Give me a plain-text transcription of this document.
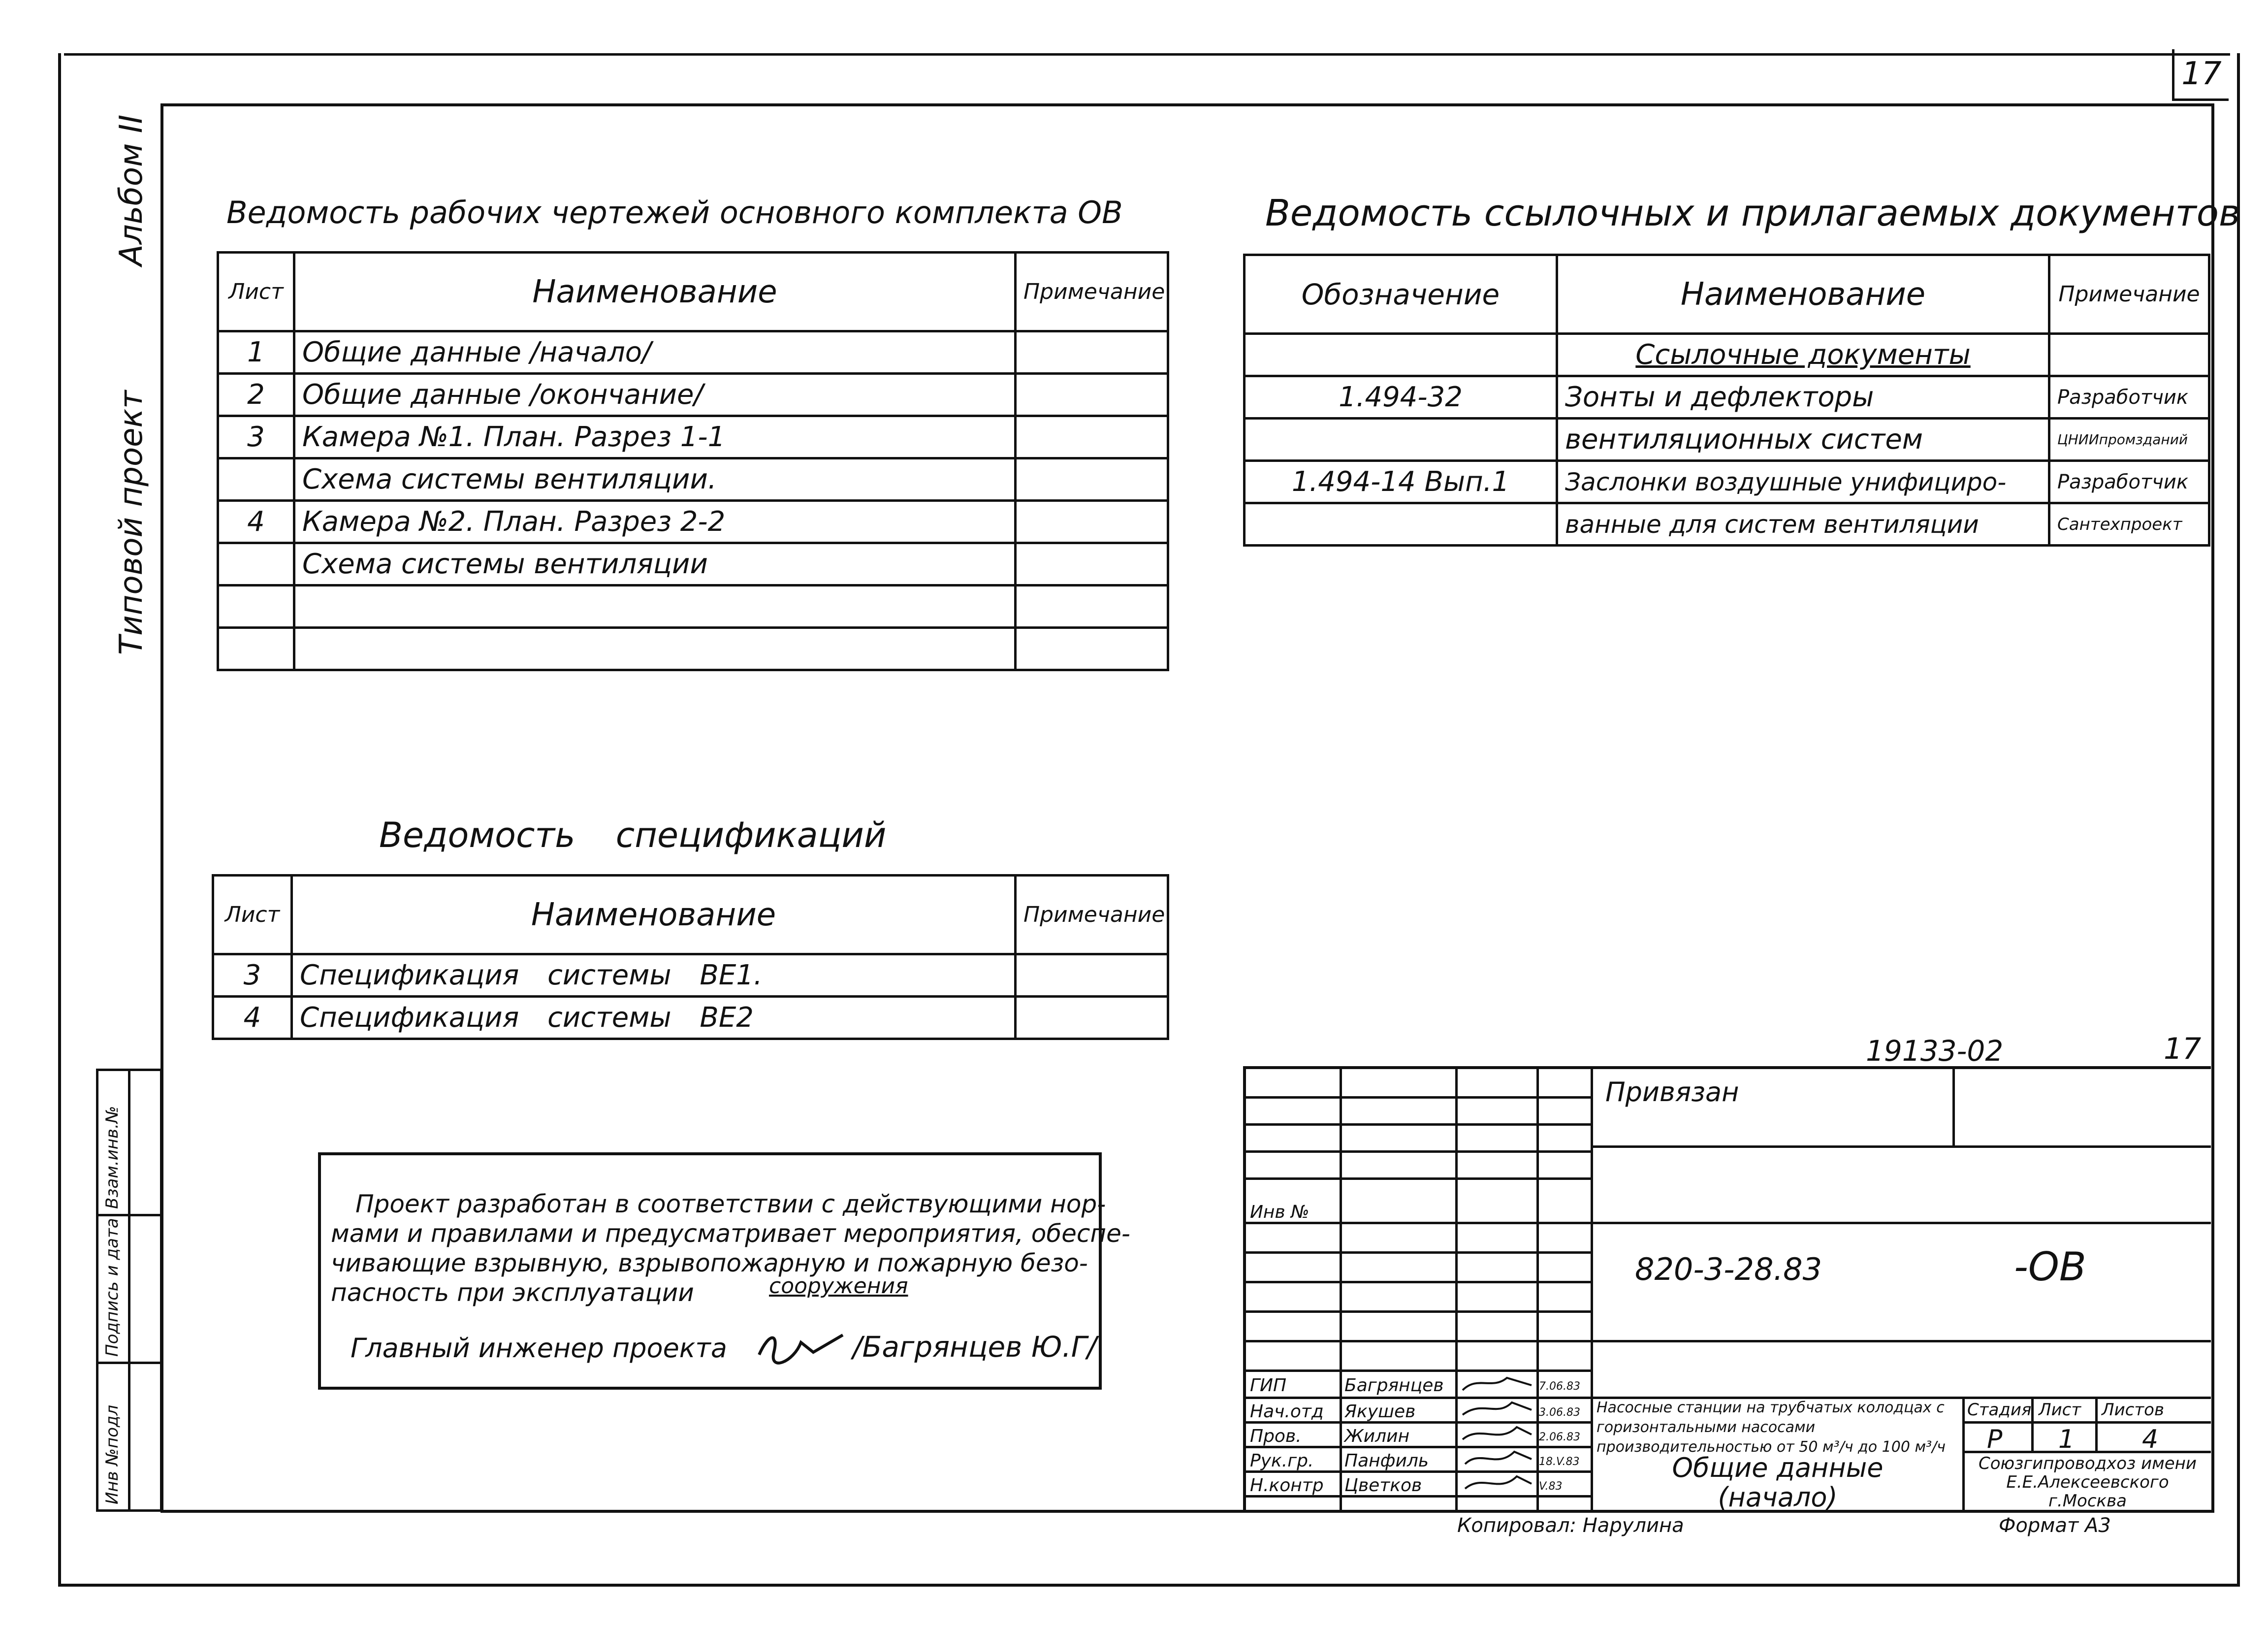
17
Альбом II
Типовой проект
Инв №подл
Подпись и дата
Взам.инв.№
Ведомость рабочих чертежей основного комплекта ОВ
Лист	Наименование	Примечание
1	Общие данные /начало/	
2	Общие данные /окончание/	
3	Камера №1. План. Разрез 1-1	
	Схема системы вентиляции.	
4	Камера №2. План. Разрез 2-2	
	Схема системы вентиляции	

Ведомость ссылочных и прилагаемых документов
Обозначение	Наименование	Примечание
	Ссылочные документы	
1.494-32	Зонты и дефлекторы	Разработчик
	вентиляционных систем	ЦНИИпромзданий
1.494-14 Вып.1	Заслонки воздушные унифициро-	Разработчик
	ванные для систем вентиляции	Сантехпроект
Ведомость спецификаций
Лист	Наименование	Примечание
3	Спецификация системы ВЕ1.	
4	Спецификация системы ВЕ2	
Проект разработан в соответствии с действующими нор-
мами и правилами и предусматривает мероприятия, обеспе-
чивающие взрывную, взрывопожарную и пожарную безо-
пасность при эксплуатации	сооружения
Главный инженер проекта	/Багрянцев Ю.Г/
19133-02	17
Привязан
Инв №
820-3-28.83	-ОВ
ГИП	Багрянцев	7.06.83
Нач.отд Якушев	3.06.83
Пров. Жилин	2.06.83
Рук.гр. Панфиль	18.V.83
Н.контр Цветков	V.83
Насосные станции на трубчатых колодцах с горизонтальными насосами производительностью от 50 м³/ч до 100 м³/ч
Стадия Лист Листов
Р 1	4
Общие данные (начало)
Союзгипроводхоз имени Е.Е.Алексеевского г.Москва
Копировал: Нарулина	Формат А3
